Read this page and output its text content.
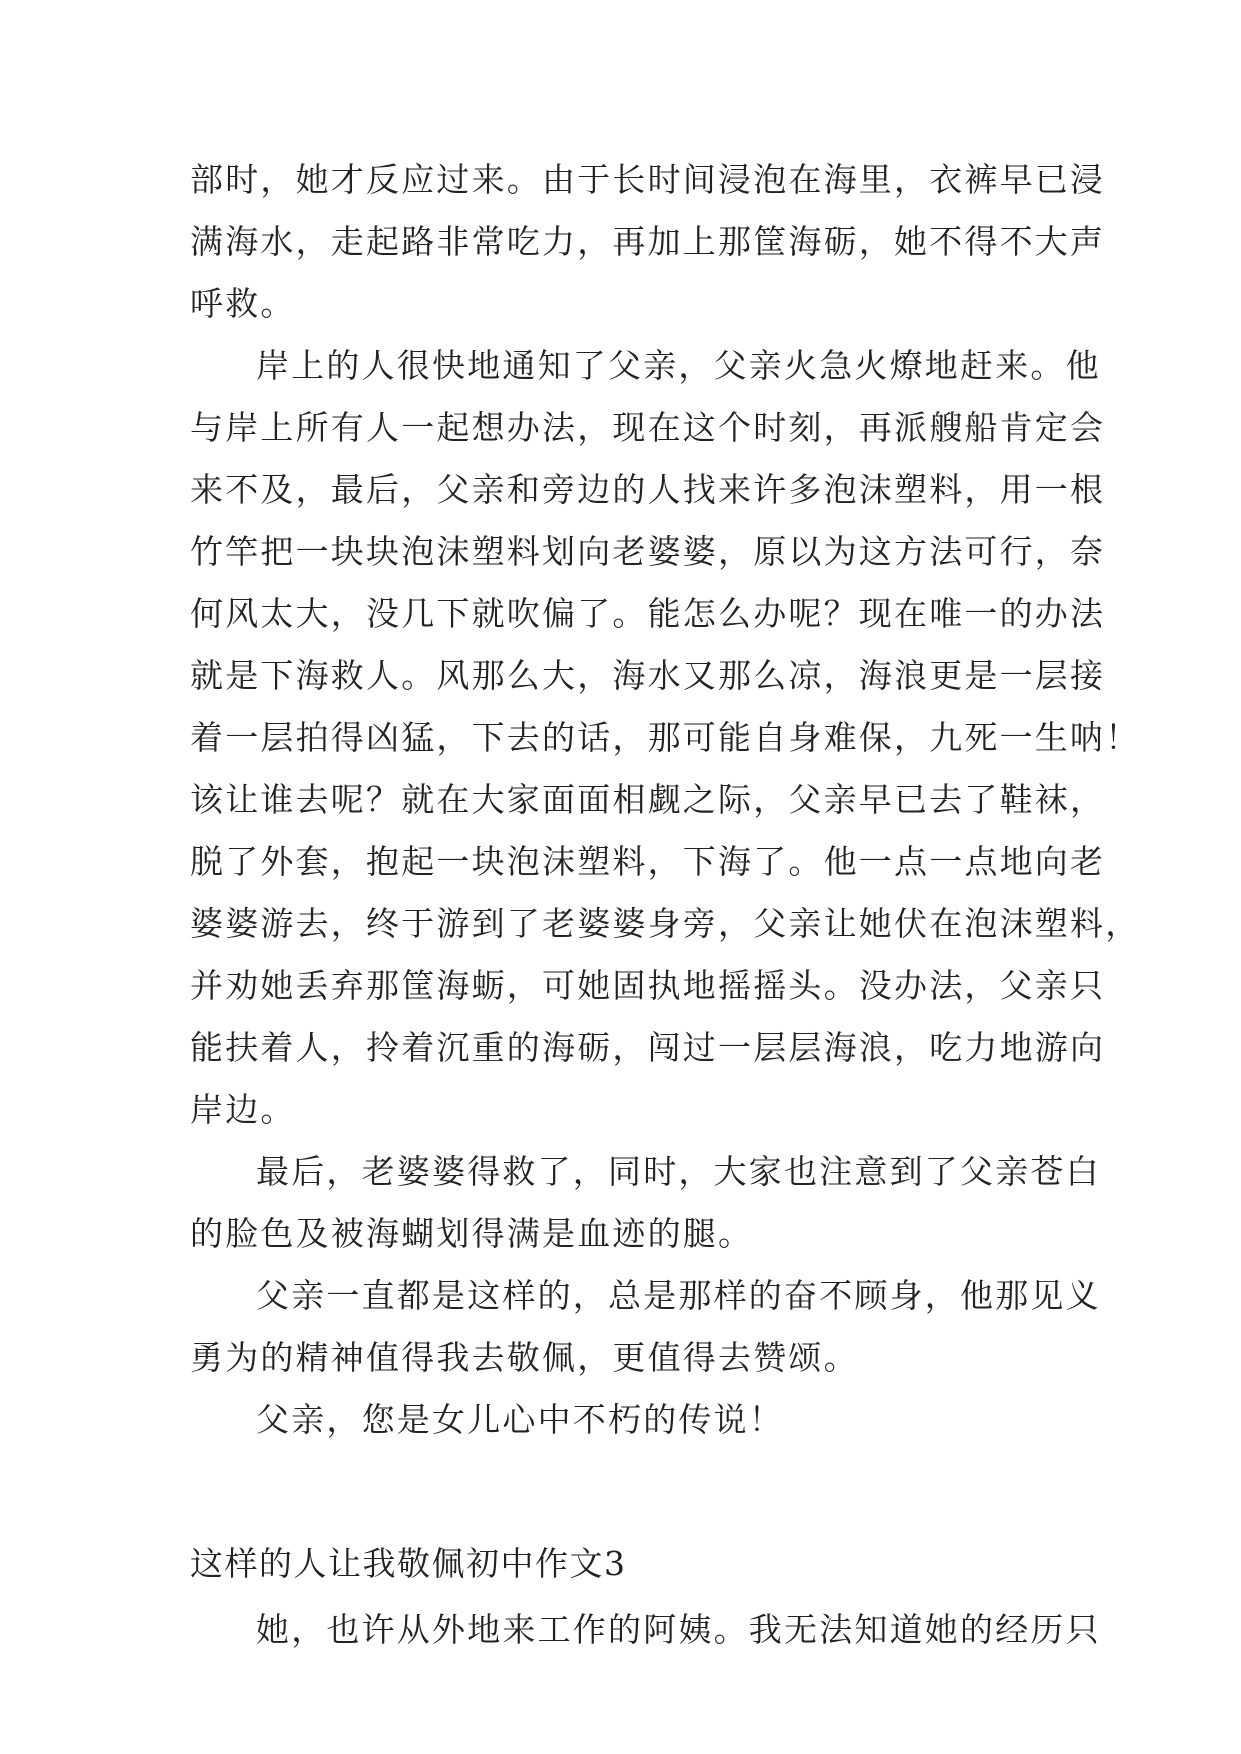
部时，她才反应过来。由于长时间浸泡在海里，衣裤早已浸
满海水，走起路非常吃力，再加上那筐海砺，她不得不大声
呼救。
岸上的人很快地通知了父亲，父亲火急火燎地赶来。他
与岸上所有人一起想办法，现在这个时刻，再派艘船肯定会
来不及，最后，父亲和旁边的人找来许多泡沫塑料，用一根
竹竿把一块块泡沫塑料划向老婆婆，原以为这方法可行，奈
何风太大，没几下就吹偏了。能怎么办呢？现在唯一的办法
就是下海救人。风那么大，海水又那么凉，海浪更是一层接
着一层拍得凶猛，下去的话，那可能自身难保，九死一生呐！
该让谁去呢？就在大家面面相觑之际，父亲早已去了鞋袜，
脱了外套，抱起一块泡沫塑料，下海了。他一点一点地向老
婆婆游去，终于游到了老婆婆身旁，父亲让她伏在泡沫塑料，
并劝她丢弃那筐海蛎，可她固执地摇摇头。没办法，父亲只
能扶着人，拎着沉重的海砺，闯过一层层海浪，吃力地游向
岸边。
最后，老婆婆得救了，同时，大家也注意到了父亲苍白
的脸色及被海蝴划得满是血迹的腿。
父亲一直都是这样的，总是那样的奋不顾身，他那见义
勇为的精神值得我去敬佩，更值得去赞颂。
父亲，您是女儿心中不朽的传说！
这样的人让我敬佩初中作文3
她，也许从外地来工作的阿姨。我无法知道她的经历只
